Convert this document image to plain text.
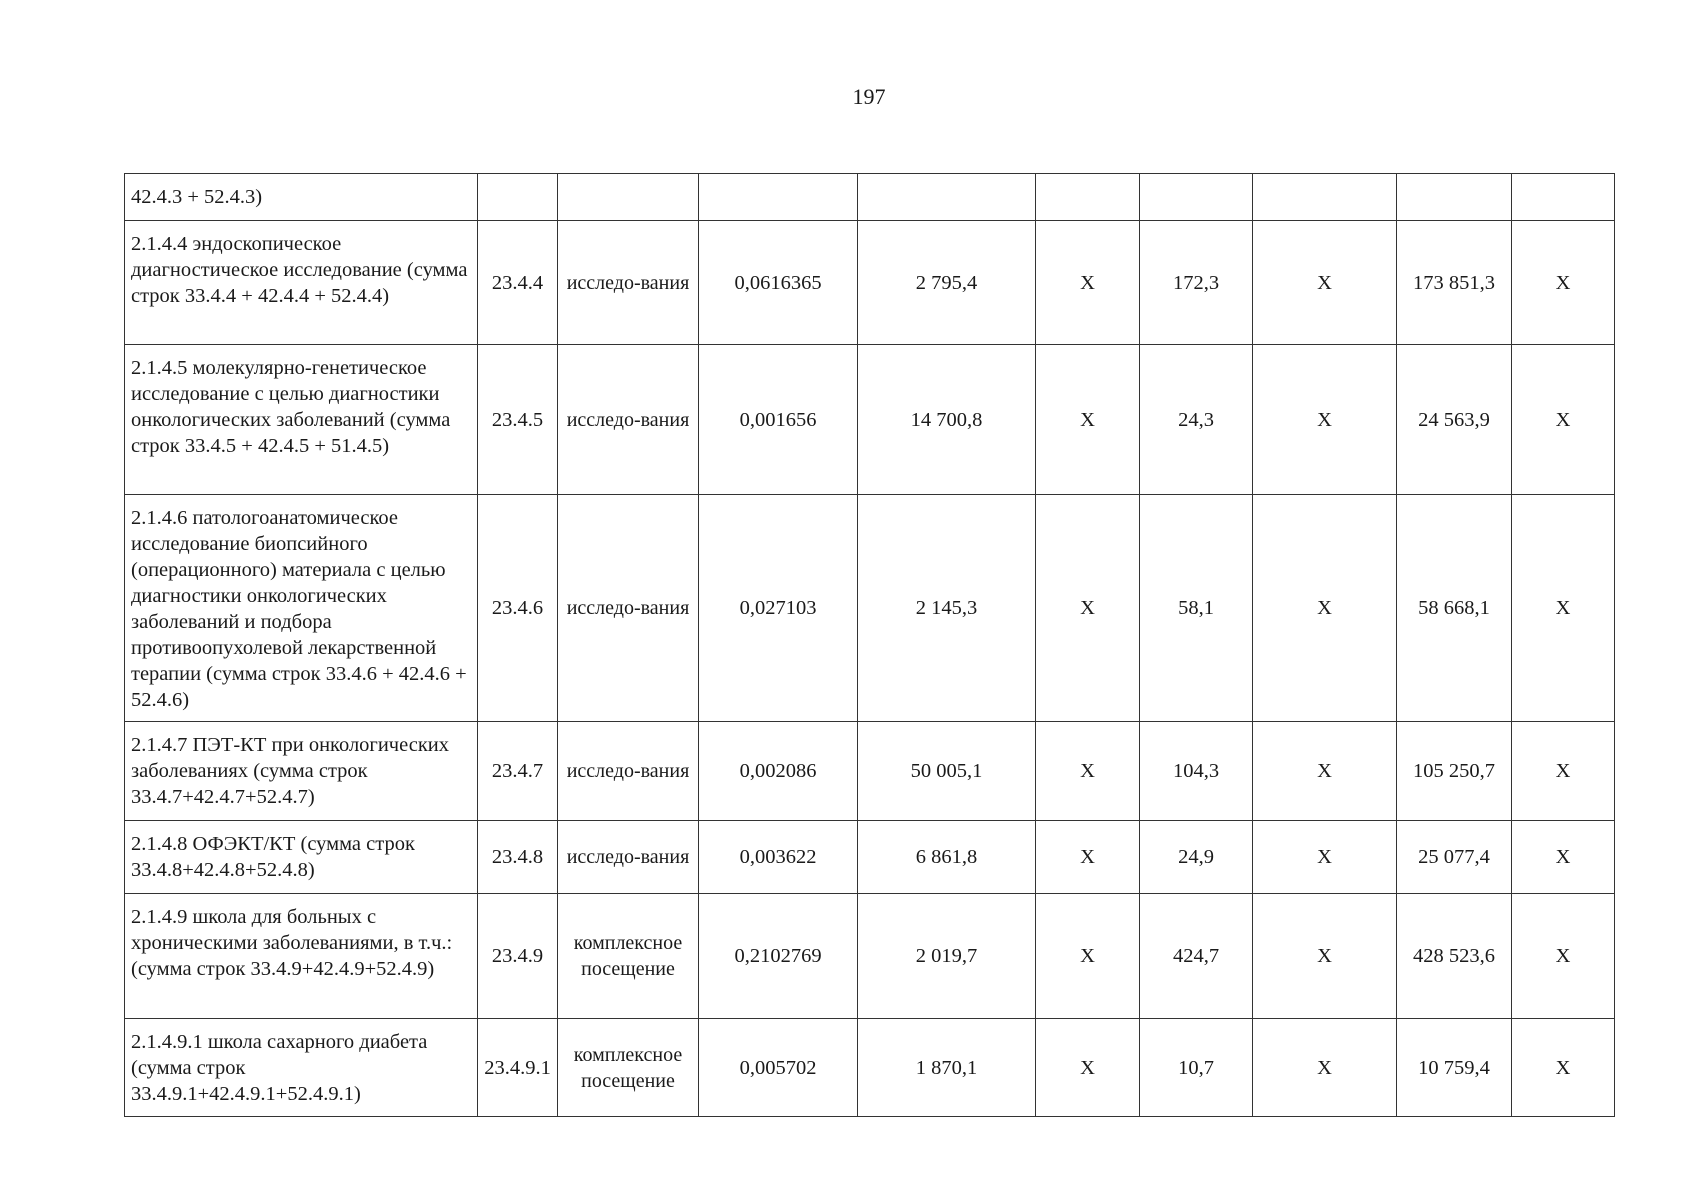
197
42.4.3 + 52.4.3)									
2.1.4.4 эндоскопическое диагностическое исследование (сумма строк 33.4.4 + 42.4.4 + 52.4.4)	23.4.4	исследо-вания	0,0616365	2 795,4	Х	172,3	Х	173 851,3	Х
2.1.4.5 молекулярно-генетическое исследование с целью диагностики онкологических заболеваний (сумма строк 33.4.5 + 42.4.5 + 51.4.5)	23.4.5	исследо-вания	0,001656	14 700,8	Х	24,3	Х	24 563,9	Х
2.1.4.6 патологоанатомическое исследование биопсийного (операционного) материала с целью диагностики онкологических заболеваний и подбора противоопухолевой лекарственной терапии (сумма строк 33.4.6 + 42.4.6 + 52.4.6)	23.4.6	исследо-вания	0,027103	2 145,3	Х	58,1	Х	58 668,1	Х
2.1.4.7 ПЭТ-КТ при онкологических заболеваниях (сумма строк 33.4.7+42.4.7+52.4.7)	23.4.7	исследо-вания	0,002086	50 005,1	Х	104,3	Х	105 250,7	Х
2.1.4.8 ОФЭКТ/КТ (сумма строк 33.4.8+42.4.8+52.4.8)	23.4.8	исследо-вания	0,003622	6 861,8	Х	24,9	Х	25 077,4	Х
2.1.4.9 школа для больных с хроническими заболеваниями, в т.ч.: (сумма строк 33.4.9+42.4.9+52.4.9)	23.4.9	комплексное посещение	0,2102769	2 019,7	Х	424,7	Х	428 523,6	Х
2.1.4.9.1 школа сахарного диабета (сумма строк 33.4.9.1+42.4.9.1+52.4.9.1)	23.4.9.1	комплексное посещение	0,005702	1 870,1	Х	10,7	Х	10 759,4	Х
